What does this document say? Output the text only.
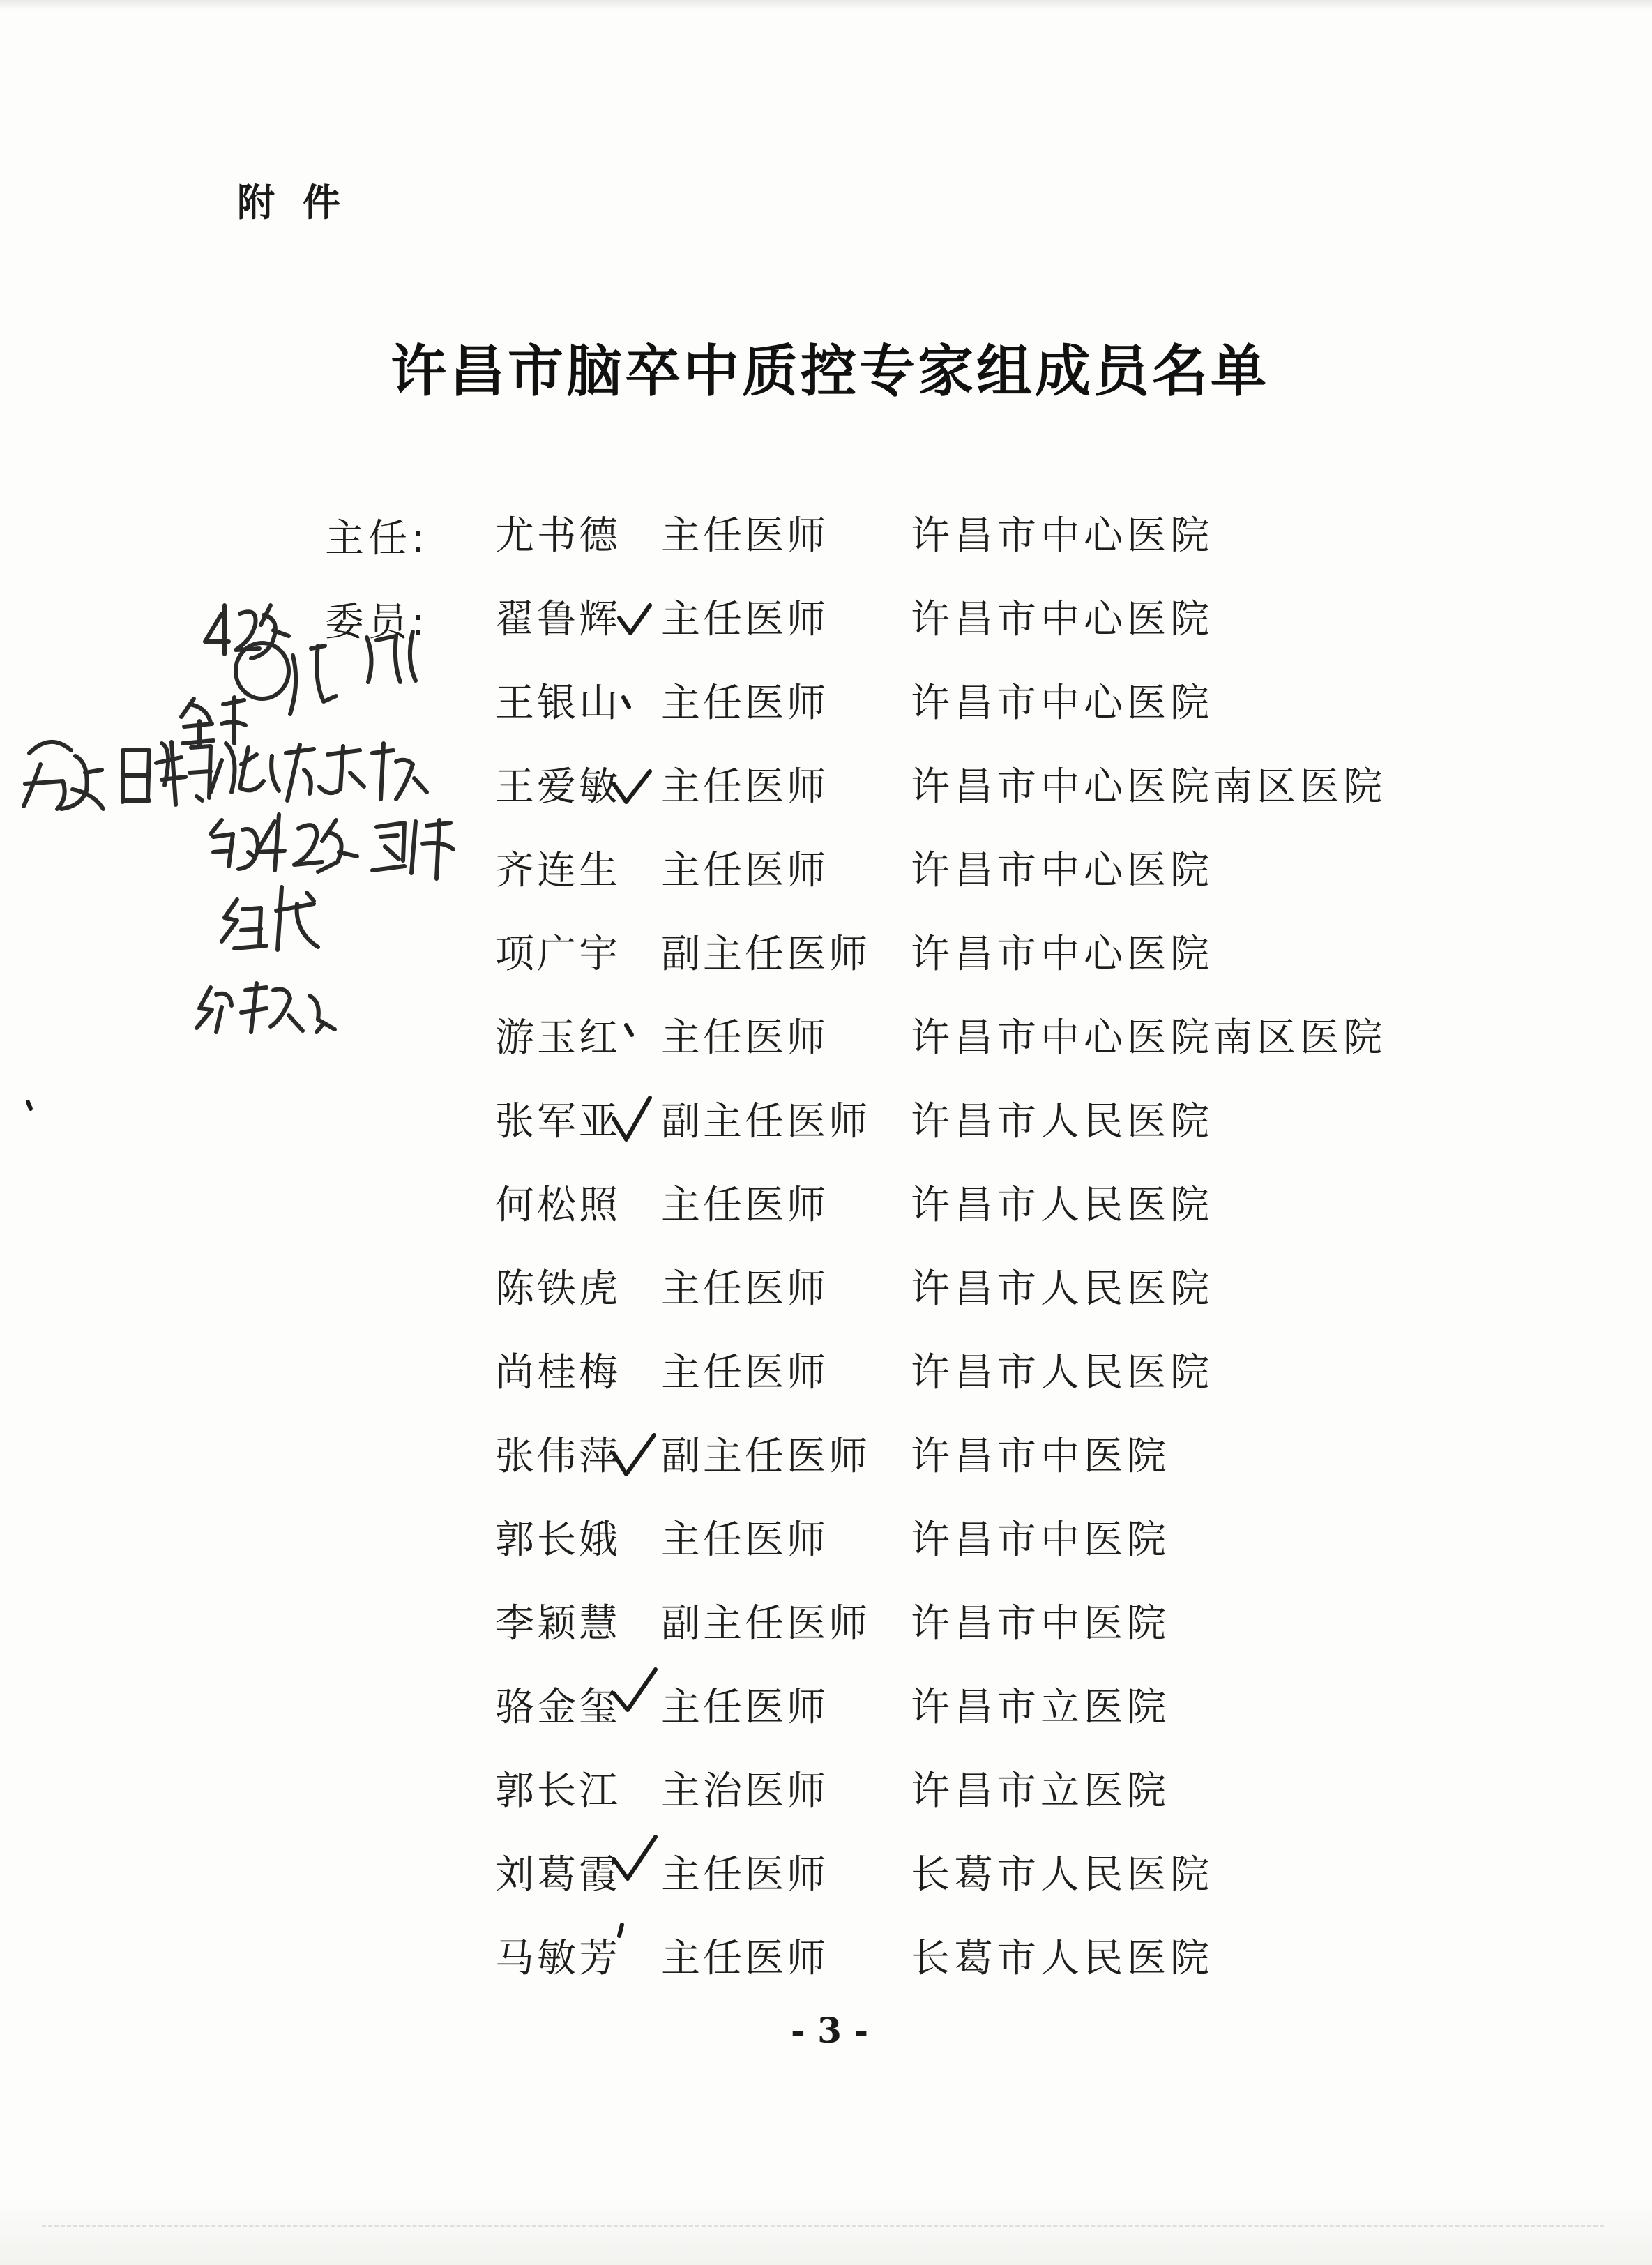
附件
许昌市脑卒中质控专家组成员名单
主任:
委员:
尤书德 主任医师 许昌市中心医院
翟鲁辉 主任医师 许昌市中心医院
王银山 主任医师 许昌市中心医院
王爱敏 主任医师 许昌市中心医院南区医院
齐连生 主任医师 许昌市中心医院
项广宇 副主任医师 许昌市中心医院
游玉红 主任医师 许昌市中心医院南区医院
张军亚 副主任医师 许昌市人民医院
何松照 主任医师 许昌市人民医院
陈铁虎 主任医师 许昌市人民医院
尚桂梅 主任医师 许昌市人民医院
张伟萍 副主任医师 许昌市中医院
郭长娥 主任医师 许昌市中医院
李颖慧 副主任医师 许昌市中医院
骆金玺 主任医师 许昌市立医院
郭长江 主治医师 许昌市立医院
刘葛霞 主任医师 长葛市人民医院
马敏芳 主任医师 长葛市人民医院
- 3 -
